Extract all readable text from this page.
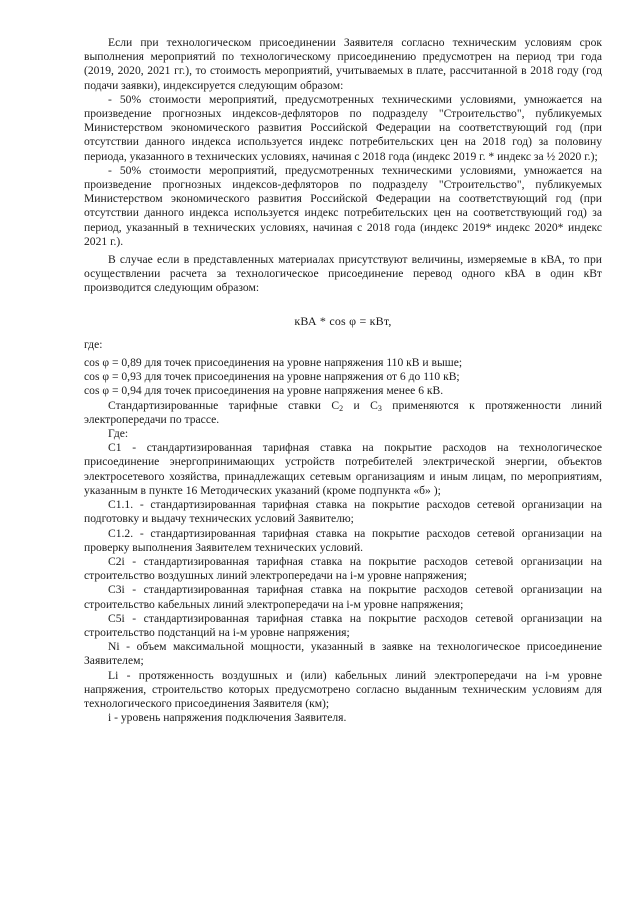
Если при технологическом присоединении Заявителя согласно техническим условиям срок выполнения мероприятий по технологическому присоединению предусмотрен на период три года (2019, 2020, 2021 гг.), то стоимость мероприятий, учитываемых в плате, рассчитанной в 2018 году (год подачи заявки), индексируется следующим образом:

- 50% стоимости мероприятий, предусмотренных техническими условиями, умножается на произведение прогнозных индексов-дефляторов по подразделу "Строительство", публикуемых Министерством экономического развития Российской Федерации на соответствующий год (при отсутствии данного индекса используется индекс потребительских цен на 2018 год) за половину периода, указанного в технических условиях, начиная с 2018 года (индекс 2019 г. * индекс за ½ 2020 г.);

- 50% стоимости мероприятий, предусмотренных техническими условиями, умножается на произведение прогнозных индексов-дефляторов по подразделу "Строительство", публикуемых Министерством экономического развития Российской Федерации на соответствующий год (при отсутствии данного индекса используется индекс потребительских цен на соответствующий год) за период, указанный в технических условиях, начиная с 2018 года (индекс 2019* индекс 2020* индекс 2021 г.).

В случае если в представленных материалах присутствуют величины, измеряемые в кВА, то при осуществлении расчета за технологическое присоединение перевод одного кВА в один кВт производится следующим образом:

кВА * cos φ = кВт,

где:

cos φ = 0,89 для точек присоединения на уровне напряжения 110 кВ и выше;

cos φ = 0,93 для точек присоединения на уровне напряжения от 6 до 110 кВ;

cos φ = 0,94 для точек присоединения на уровне напряжения менее 6 кВ.

Стандартизированные тарифные ставки $С_2$ и $С_3$ применяются к протяженности линий электропередачи по трассе.

Где:

С1 - стандартизированная тарифная ставка на покрытие расходов на технологическое присоединение энергопринимающих устройств потребителей электрической энергии, объектов электросетевого хозяйства, принадлежащих сетевым организациям и иным лицам, по мероприятиям, указанным в пункте 16 Методических указаний (кроме подпункта «б» );

С1.1. - стандартизированная тарифная ставка на покрытие расходов сетевой организации на подготовку и выдачу технических условий Заявителю;

С1.2. - стандартизированная тарифная ставка на покрытие расходов сетевой организации на проверку выполнения Заявителем технических условий.

С2i - стандартизированная тарифная ставка на покрытие расходов сетевой организации на строительство воздушных линий электропередачи на i-м уровне напряжения;

С3i - стандартизированная тарифная ставка на покрытие расходов сетевой организации на строительство кабельных линий электропередачи на i-м уровне напряжения;

С5i - стандартизированная тарифная ставка на покрытие расходов сетевой организации на строительство подстанций на i-м уровне напряжения;

Ni - объем максимальной мощности, указанный в заявке на технологическое присоединение Заявителем;

Li - протяженность воздушных и (или) кабельных линий электропередачи на i-м уровне напряжения, строительство которых предусмотрено согласно выданным техническим условиям для технологического присоединения Заявителя (км);

i - уровень напряжения подключения Заявителя.
